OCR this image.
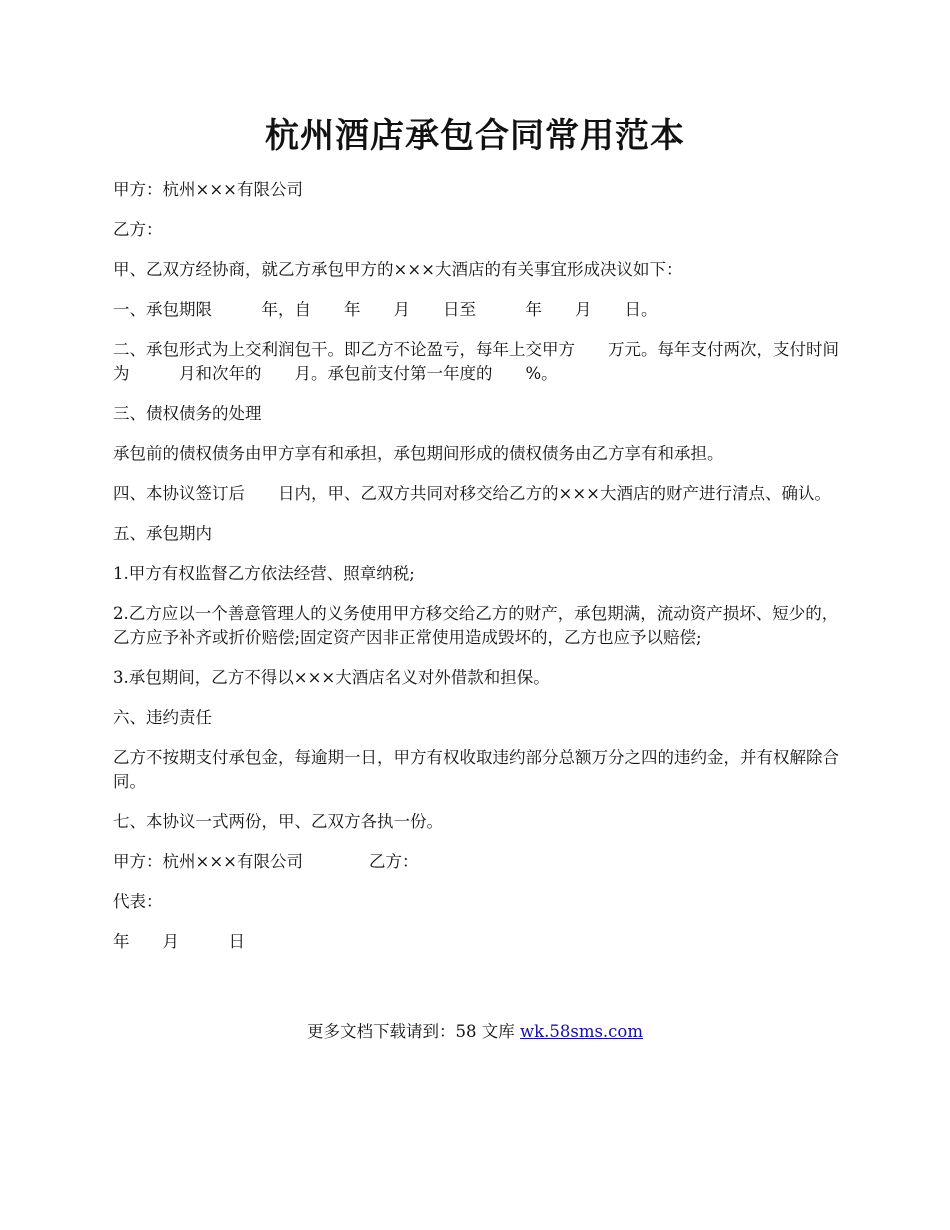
杭州酒店承包合同常用范本

甲方：杭州×××有限公司

乙方：

甲、乙双方经协商，就乙方承包甲方的×××大酒店的有关事宜形成决议如下：

一、承包期限　　　年，自　　年　　月　　日至　　　年　　月　　日。

二、承包形式为上交利润包干。即乙方不论盈亏，每年上交甲方　　万元。每年支付两次，支付时间为　　　月和次年的　　月。承包前支付第一年度的　　%。

三、债权债务的处理

承包前的债权债务由甲方享有和承担，承包期间形成的债权债务由乙方享有和承担。

四、本协议签订后　　日内，甲、乙双方共同对移交给乙方的×××大酒店的财产进行清点、确认。

五、承包期内

1.甲方有权监督乙方依法经营、照章纳税;

2.乙方应以一个善意管理人的义务使用甲方移交给乙方的财产，承包期满，流动资产损坏、短少的，乙方应予补齐或折价赔偿;固定资产因非正常使用造成毁坏的，乙方也应予以赔偿;

3.承包期间，乙方不得以×××大酒店名义对外借款和担保。

六、违约责任

乙方不按期支付承包金，每逾期一日，甲方有权收取违约部分总额万分之四的违约金，并有权解除合同。

七、本协议一式两份，甲、乙双方各执一份。

甲方：杭州×××有限公司　　　　乙方：

代表：

年　　月　　　日

更多文档下载请到：58 文库 wk.58sms.com
